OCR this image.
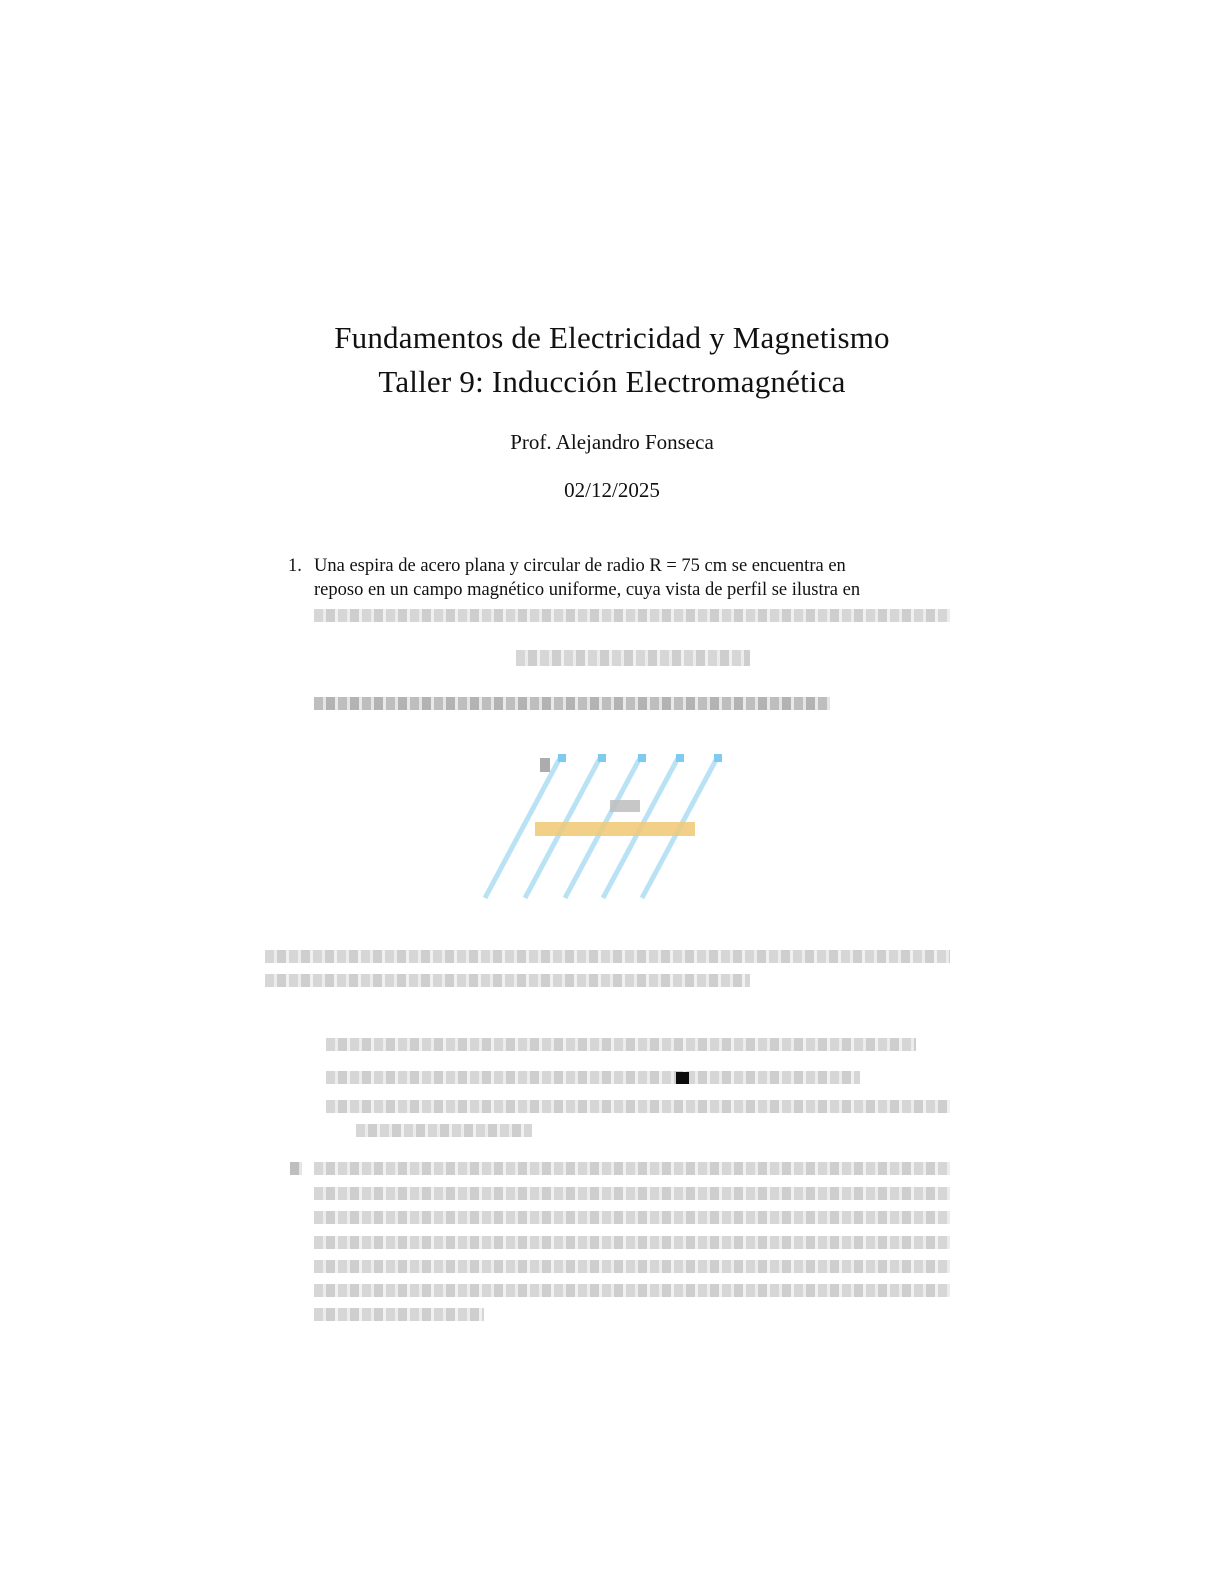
Fundamentos de Electricidad y Magnetismo
Taller 9: Inducción Electromagnética
Prof. Alejandro Fonseca
02/12/2025
1. Una espira de acero plana y circular de radio R = 75 cm se encuentra en
reposo en un campo magnético uniforme, cuya vista de perfil se ilustra en
